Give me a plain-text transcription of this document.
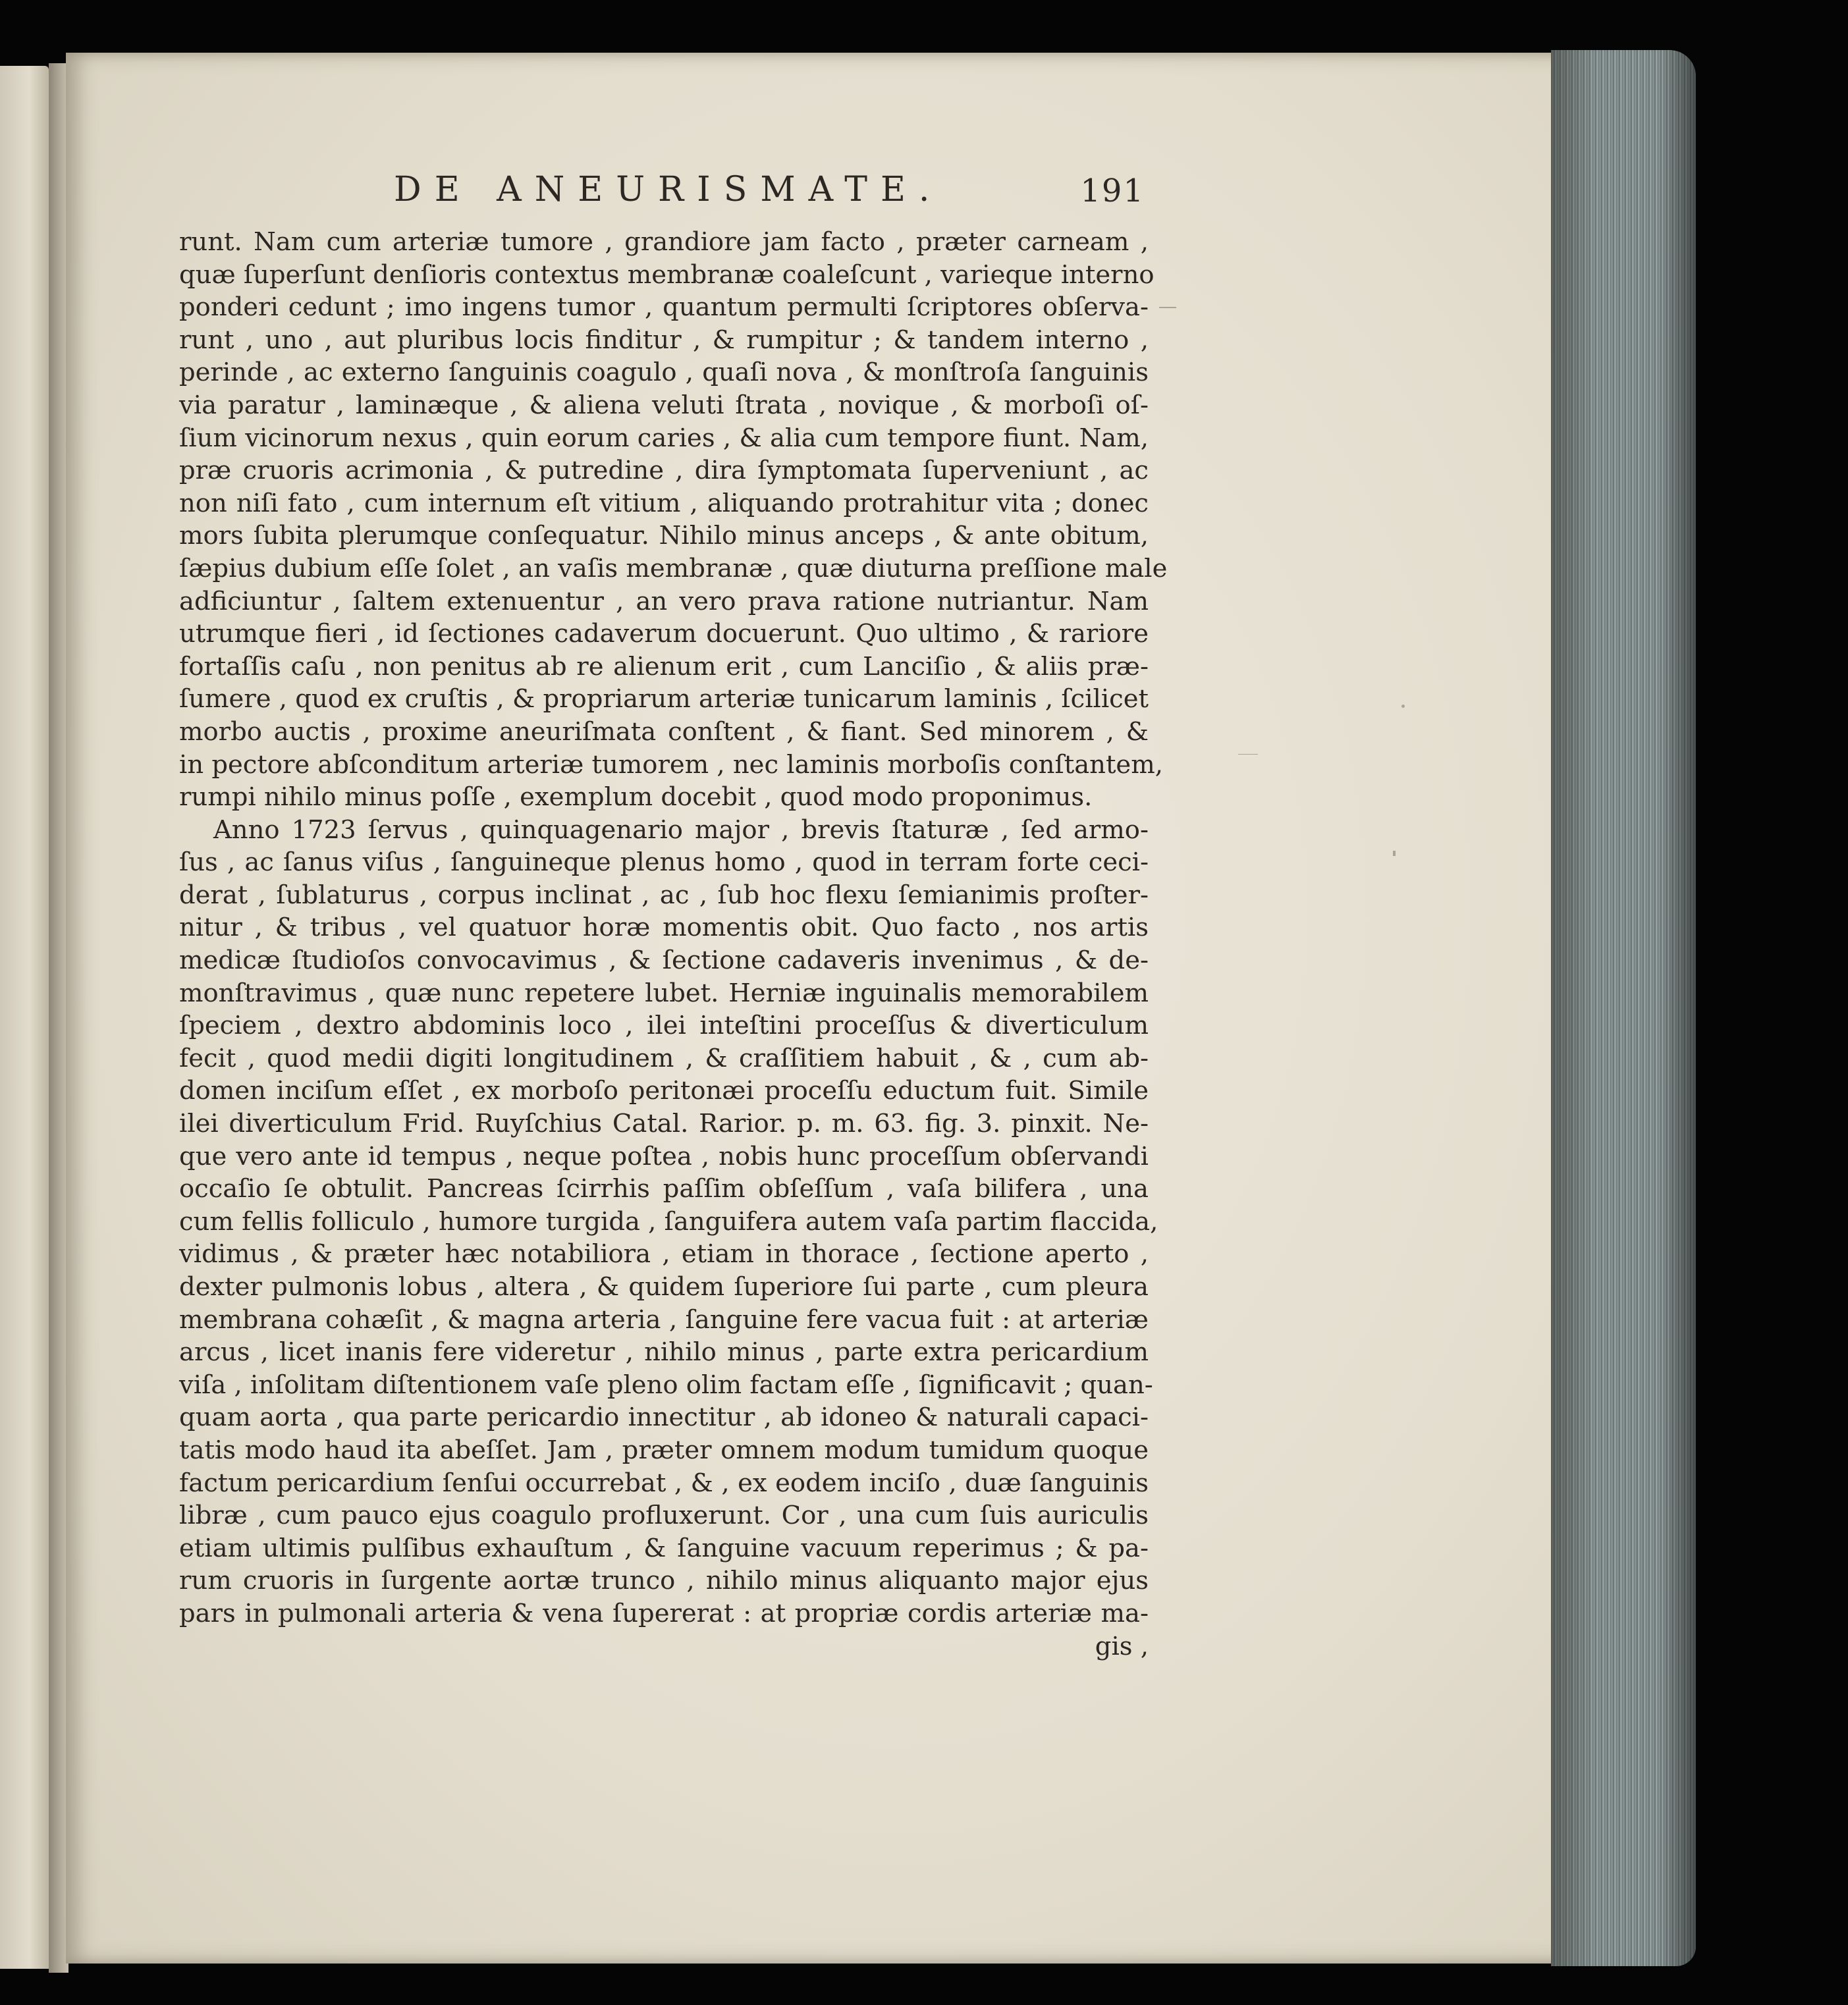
DE ANEURISMATE.	191
runt. Nam cum arteriæ tumore , grandiore jam facto , præter carneam ,
quæ ſuperſunt denſioris contextus membranæ coaleſcunt , varieque interno
ponderi cedunt ; imo ingens tumor , quantum permulti ſcriptores obſerva-
runt , uno , aut pluribus locis finditur , & rumpitur ; & tandem interno ,
perinde , ac externo ſanguinis coagulo , quaſi nova , & monſtroſa ſanguinis
via paratur , laminæque , & aliena veluti ſtrata , novique , & morboſi oſ-
ſium vicinorum nexus , quin eorum caries , & alia cum tempore fiunt. Nam,
præ cruoris acrimonia , & putredine , dira ſymptomata ſuperveniunt , ac
non niſi fato , cum internum eſt vitium , aliquando protrahitur vita ; donec
mors ſubita plerumque conſequatur. Nihilo minus anceps , & ante obitum,
ſæpius dubium eſſe ſolet , an vaſis membranæ , quæ diuturna preſſione male
adficiuntur , ſaltem extenuentur , an vero prava ratione nutriantur. Nam
utrumque fieri , id ſectiones cadaverum docuerunt. Quo ultimo , & rariore
fortaſſis caſu , non penitus ab re alienum erit , cum Lanciſio , & aliis præ-
ſumere , quod ex cruſtis , & propriarum arteriæ tunicarum laminis , ſcilicet
morbo auctis , proxime aneuriſmata conſtent , & fiant. Sed minorem , &
in pectore abſconditum arteriæ tumorem , nec laminis morboſis conſtantem,
rumpi nihilo minus poſſe , exemplum docebit , quod modo proponimus.
Anno 1723 ſervus , quinquagenario major , brevis ſtaturæ , ſed armo-
ſus , ac ſanus viſus , ſanguineque plenus homo , quod in terram forte ceci-
derat , ſublaturus , corpus inclinat , ac , ſub hoc flexu ſemianimis proſter-
nitur , & tribus , vel quatuor horæ momentis obit. Quo facto , nos artis
medicæ ſtudioſos convocavimus , & ſectione cadaveris invenimus , & de-
monſtravimus , quæ nunc repetere lubet. Herniæ inguinalis memorabilem
ſpeciem , dextro abdominis loco , ilei inteſtini proceſſus & diverticulum
fecit , quod medii digiti longitudinem , & craſſitiem habuit , & , cum ab-
domen inciſum eſſet , ex morboſo peritonæi proceſſu eductum fuit. Simile
ilei diverticulum Frid. Ruyſchius Catal. Rarior. p. m. 63. fig. 3. pinxit. Ne-
que vero ante id tempus , neque poſtea , nobis hunc proceſſum obſervandi
occaſio ſe obtulit. Pancreas ſcirrhis paſſim obſeſſum , vaſa bilifera , una
cum fellis folliculo , humore turgida , ſanguifera autem vaſa partim flaccida,
vidimus , & præter hæc notabiliora , etiam in thorace , ſectione aperto ,
dexter pulmonis lobus , altera , & quidem ſuperiore ſui parte , cum pleura
membrana cohæſit , & magna arteria , ſanguine fere vacua fuit : at arteriæ
arcus , licet inanis fere videretur , nihilo minus , parte extra pericardium
viſa , inſolitam diſtentionem vaſe pleno olim factam eſſe , ſignificavit ; quan-
quam aorta , qua parte pericardio innectitur , ab idoneo & naturali capaci-
tatis modo haud ita abeſſet. Jam , præter omnem modum tumidum quoque
factum pericardium ſenſui occurrebat , & , ex eodem inciſo , duæ ſanguinis
libræ , cum pauco ejus coagulo profluxerunt. Cor , una cum ſuis auriculis
etiam ultimis pulſibus exhauſtum , & ſanguine vacuum reperimus ; & pa-
rum cruoris in ſurgente aortæ trunco , nihilo minus aliquanto major ejus
pars in pulmonali arteria & vena ſupererat : at propriæ cordis arteriæ ma-
gis ,
